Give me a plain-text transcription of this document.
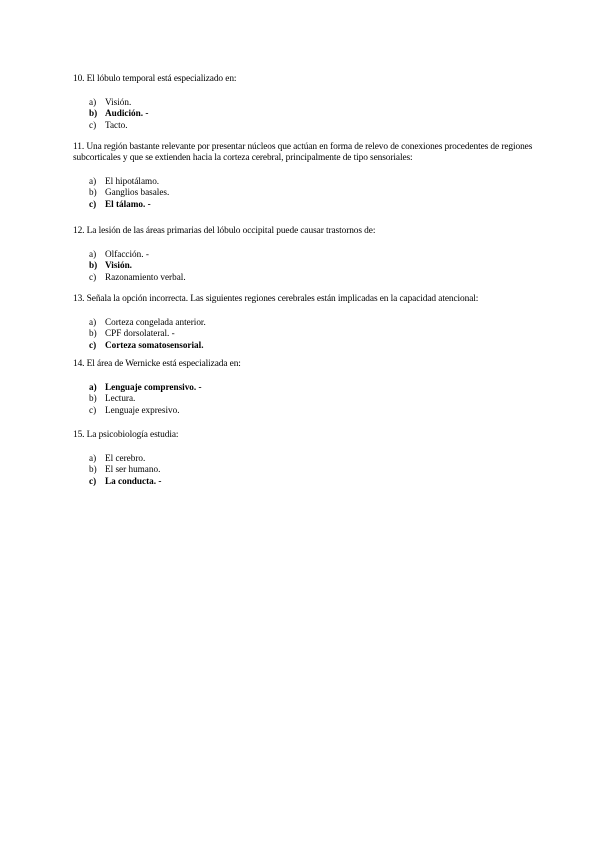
10. El lóbulo temporal está especializado en:

a) Visión.
b) Audición. -
c) Tacto.

11. Una región bastante relevante por presentar núcleos que actúan en forma de relevo de conexiones procedentes de regiones subcorticales y que se extienden hacia la corteza cerebral, principalmente de tipo sensoriales:

a) El hipotálamo.
b) Ganglios basales.
c) El tálamo. -

12. La lesión de las áreas primarias del lóbulo occipital puede causar trastornos de:

a) Olfacción. -
b) Visión.
c) Razonamiento verbal.

13. Señala la opción incorrecta. Las siguientes regiones cerebrales están implicadas en la capacidad atencional:

a) Corteza congelada anterior.
b) CPF dorsolateral. -
c) Corteza somatosensorial.

14. El área de Wernicke está especializada en:

a) Lenguaje comprensivo. -
b) Lectura.
c) Lenguaje expresivo.

15. La psicobiología estudia:

a) El cerebro.
b) El ser humano.
c) La conducta. -
